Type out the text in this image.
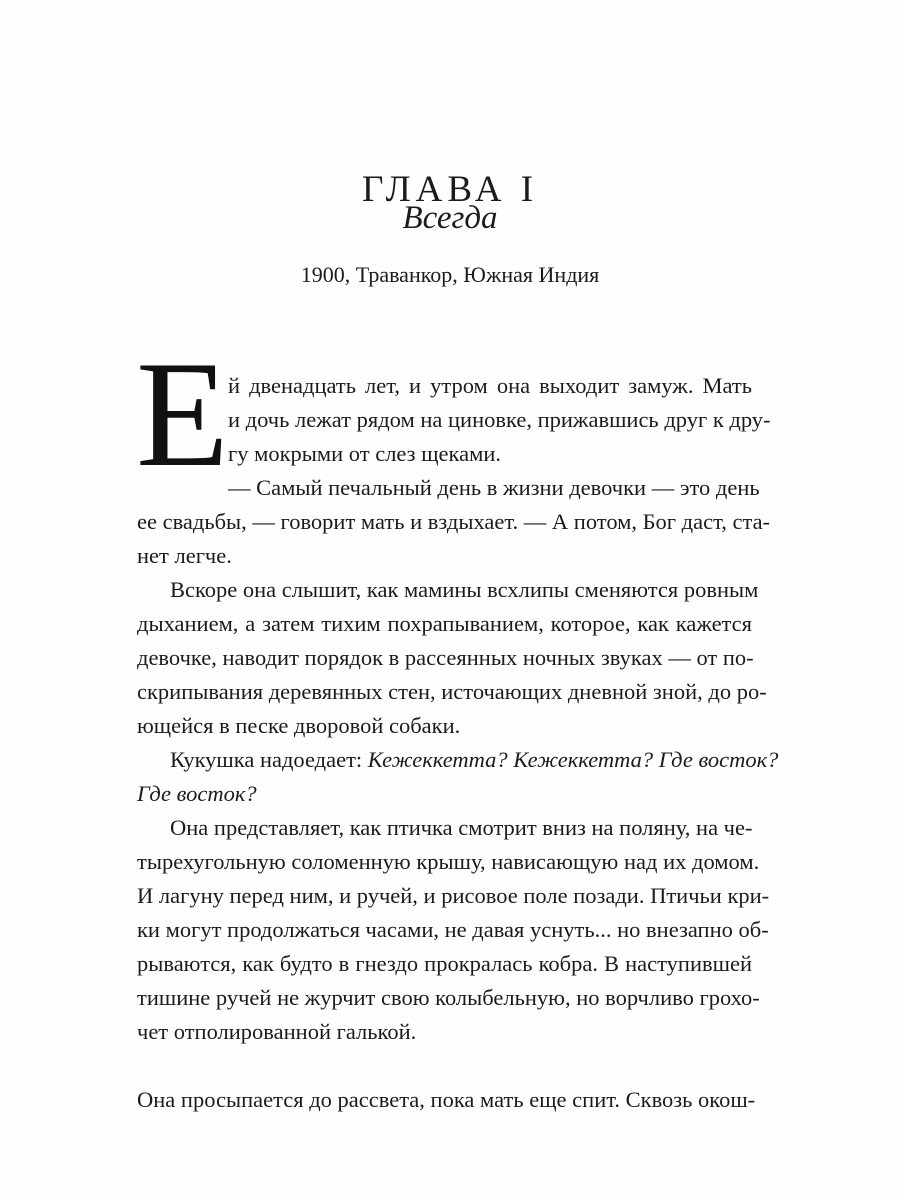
ГЛАВА I
Всегда
1900, Траванкор, Южная Индия
Е й двенадцать лет, и утром она выходит замуж. Мать
и дочь лежат рядом на циновке, прижавшись друг к дру-
гу мокрыми от слез щеками.
— Самый печальный день в жизни девочки — это день
ее свадьбы, — говорит мать и вздыхает. — А потом, Бог даст, ста-
нет легче.
Вскоре она слышит, как мамины всхлипы сменяются ровным
дыханием, а затем тихим похрапыванием, которое, как кажется
девочке, наводит порядок в рассеянных ночных звуках — от по-
скрипывания деревянных стен, источающих дневной зной, до ро-
ющейся в песке дворовой собаки.
Кукушка надоедает: Кежеккетта? Кежеккетта? Где восток?
Где восток?
Она представляет, как птичка смотрит вниз на поляну, на че-
тырехугольную соломенную крышу, нависающую над их домом.
И лагуну перед ним, и ручей, и рисовое поле позади. Птичьи кри-
ки могут продолжаться часами, не давая уснуть... но внезапно об-
рываются, как будто в гнездо прокралась кобра. В наступившей
тишине ручей не журчит свою колыбельную, но ворчливо грохо-
чет отполированной галькой.
Она просыпается до рассвета, пока мать еще спит. Сквозь окош-
